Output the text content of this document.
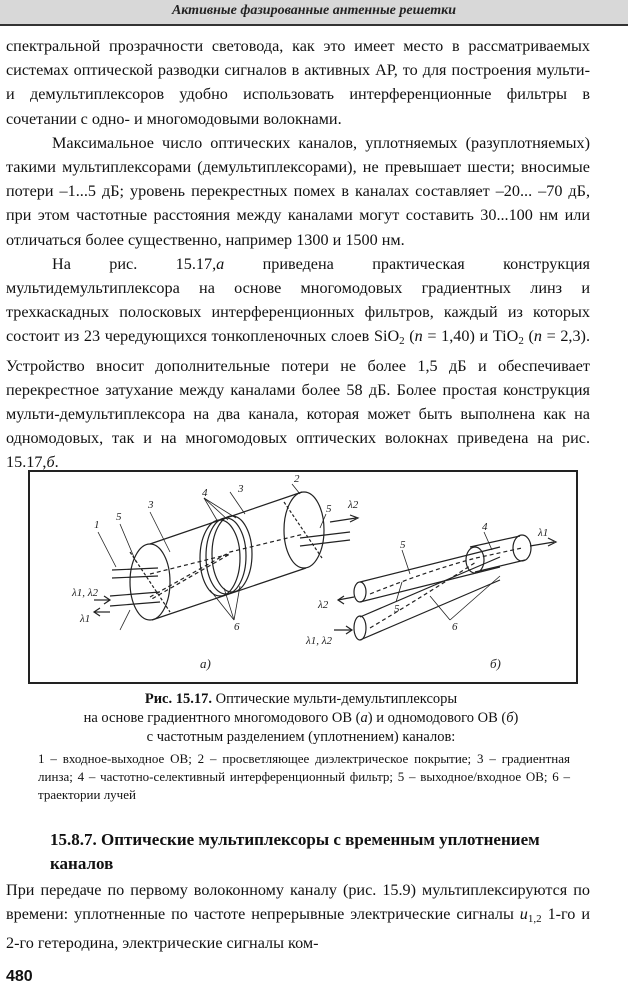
Активные фазированные антенные решетки

спектральной прозрачности световода, как это имеет место в рассматриваемых системах оптической разводки сигналов в активных АР, то для построения мульти- и демультиплексоров удобно использовать интерференционные фильтры в сочетании с одно- и многомодовыми волокнами.

Максимальное число оптических каналов, уплотняемых (разуплотняемых) такими мультиплексорами (демультиплексорами), не превышает шести; вносимые потери –1...5 дБ; уровень перекрестных помех в каналах составляет –20... –70 дБ, при этом частотные расстояния между каналами могут составить 30...100 нм или отличаться более существенно, например 1300 и 1500 нм.

На рис. 15.17,а приведена практическая конструкция мультидемультиплексора на основе многомодовых градиентных линз и трехкаскадных полосковых интерференционных фильтров, каждый из которых состоит из 23 чередующихся тонкопленочных слоев SiO$_2$ (n = 1,40) и TiO$_2$ (n = 2,3). Устройство вносит дополнительные потери не более 1,5 дБ и обеспечивает перекрестное затухание между каналами более 58 дБ. Более простая конструкция мульти-демультиплексора на два канала, которая может быть выполнена как на одномодовых, так и на многомодовых оптических волокнах приведена на рис. 15.17,б.

1
2
3
4
5
5
6
3
λ1, λ2
λ1
λ2
а)
4
5
5
6
λ1
λ2
λ1, λ2
б)
Рис. 15.17. Оптические мульти-демультиплексоры
на основе градиентного многомодового ОВ (а) и одномодового ОВ (б)
с частотным разделением (уплотнением) каналов:
1 – входное-выходное ОВ; 2 – просветляющее диэлектрическое покрытие; 3 – градиентная линза; 4 – частотно-селективный интерференционный фильтр; 5 – выходное/входное ОВ; 6 – траектории лучей
15.8.7. Оптические мультиплексоры с временным уплотнением каналов

При передаче по первому волоконному каналу (рис. 15.9) мультиплексируются по времени: уплотненные по частоте непрерывные электрические сигналы $u_{1,2}$ 1-го и 2-го гетеродина, электрические сигналы ком-

480
